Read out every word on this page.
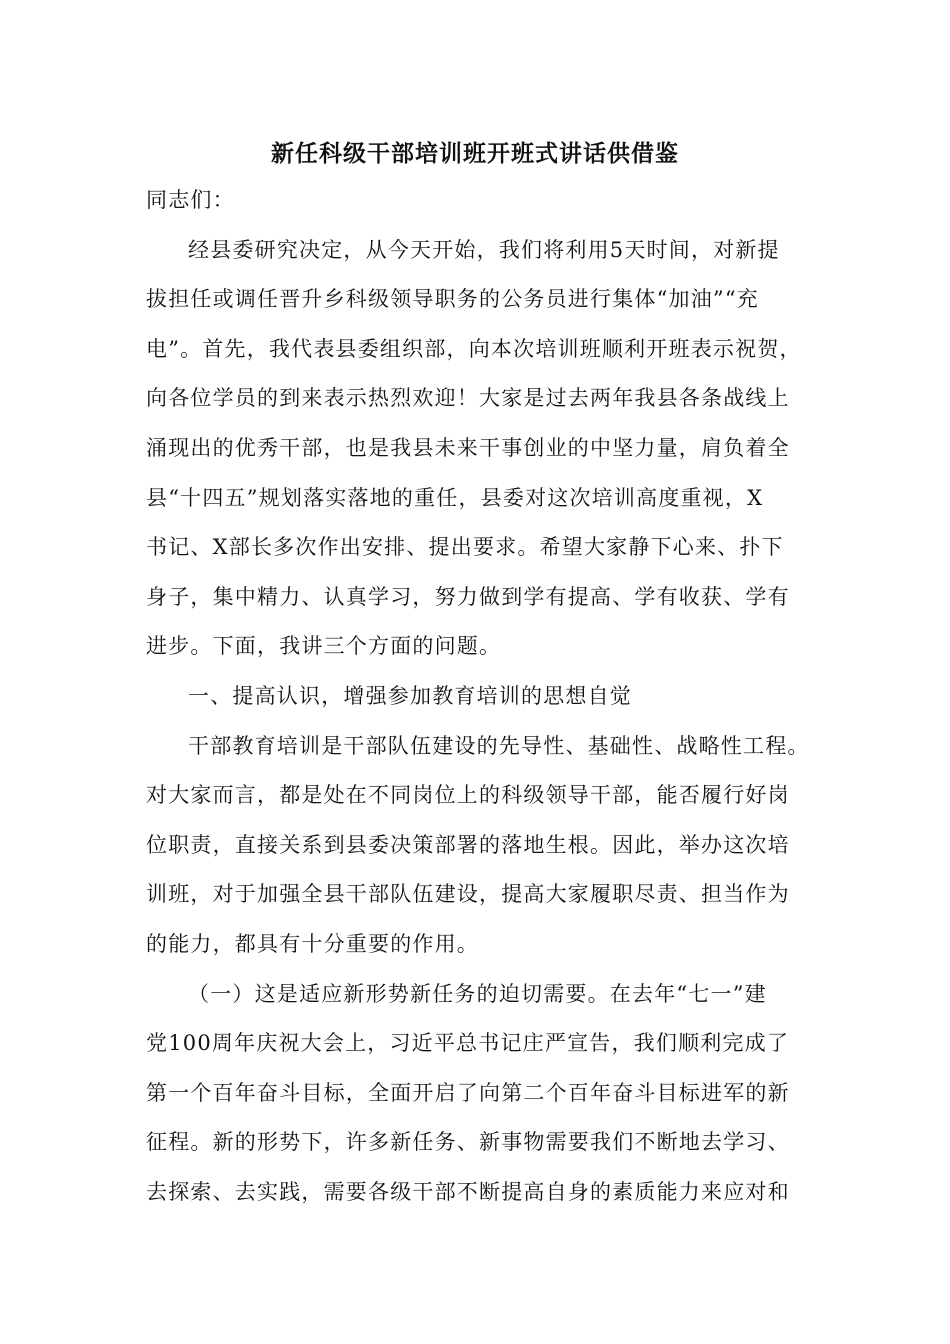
新任科级干部培训班开班式讲话供借鉴
同志们：
经县委研究决定，从今天开始，我们将利用5天时间，对新提
拔担任或调任晋升乡科级领导职务的公务员进行集体“加油”“充
电”。首先，我代表县委组织部，向本次培训班顺利开班表示祝贺，
向各位学员的到来表示热烈欢迎！大家是过去两年我县各条战线上
涌现出的优秀干部，也是我县未来干事创业的中坚力量，肩负着全
县“十四五”规划落实落地的重任，县委对这次培训高度重视，X
书记、X部长多次作出安排、提出要求。希望大家静下心来、扑下
身子，集中精力、认真学习，努力做到学有提高、学有收获、学有
进步。下面，我讲三个方面的问题。
一、提高认识，增强参加教育培训的思想自觉
干部教育培训是干部队伍建设的先导性、基础性、战略性工程。
对大家而言，都是处在不同岗位上的科级领导干部，能否履行好岗
位职责，直接关系到县委决策部署的落地生根。因此，举办这次培
训班，对于加强全县干部队伍建设，提高大家履职尽责、担当作为
的能力，都具有十分重要的作用。
（一）这是适应新形势新任务的迫切需要。在去年“七一”建
党100周年庆祝大会上，习近平总书记庄严宣告，我们顺利完成了
第一个百年奋斗目标，全面开启了向第二个百年奋斗目标进军的新
征程。新的形势下，许多新任务、新事物需要我们不断地去学习、
去探索、去实践，需要各级干部不断提高自身的素质能力来应对和
